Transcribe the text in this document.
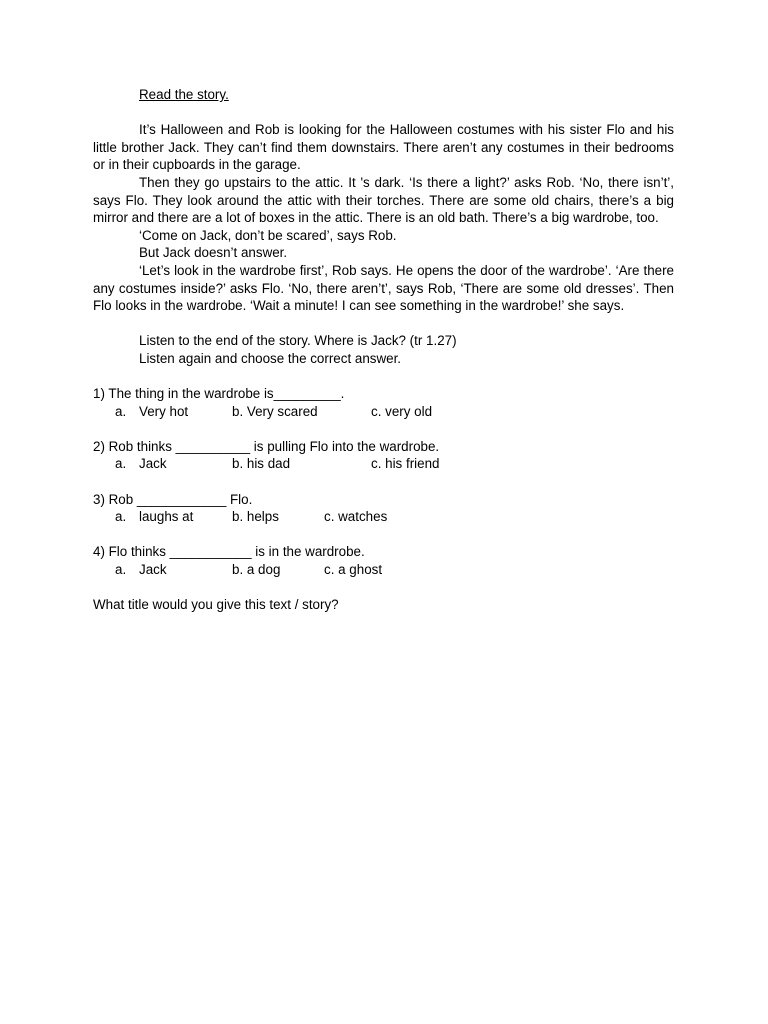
Read the story.

It’s Halloween and Rob is looking for the Halloween costumes with his sister Flo and his little brother Jack. They can’t find them downstairs. There aren’t any costumes in their bedrooms or in their cupboards in the garage.

Then they go upstairs to the attic. It 's dark. ‘Is there a light?’ asks Rob. ‘No, there isn’t’, says Flo. They look around the attic with their torches. There are some old chairs, there’s a big mirror and there are a lot of boxes in the attic. There is an old bath. There’s a big wardrobe, too.

‘Come on Jack, don’t be scared’, says Rob.

But Jack doesn’t answer.

‘Let’s look in the wardrobe first’, Rob says. He opens the door of the wardrobe’. ‘Are there any costumes inside?’ asks Flo. ‘No, there aren’t’, says Rob, ‘There are some old dresses’. Then Flo looks in the wardrobe. ‘Wait a minute! I can see something in the wardrobe!’ she says.

Listen to the end of the story. Where is Jack? (tr 1.27)

Listen again and choose the correct answer.

1) The thing in the wardrobe is_________.

a. Very hot	b. Very scared	c. very old

2) Rob thinks __________ is pulling Flo into the wardrobe.

a. Jack	b. his dad	c. his friend

3) Rob ____________ Flo.

a. laughs at	b. helps	c. watches

4) Flo thinks ___________ is in the wardrobe.

a. Jack	b. a dog	c. a ghost

What title would you give this text / story?
